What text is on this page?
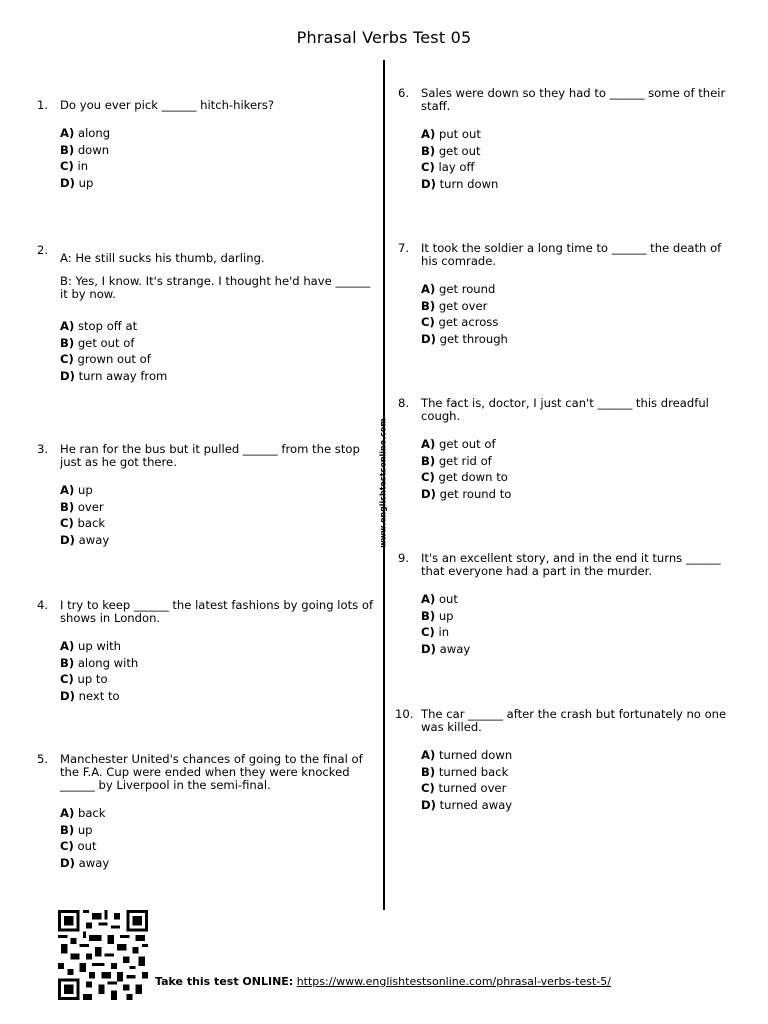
Phrasal Verbs Test 05
www.englishtestsonline.com
1. Do you ever pick ______ hitch-hikers?

A) along
B) down
C) in
D) up
2.

A: He still sucks his thumb, darling.

B: Yes, I know. It's strange. I thought he'd have ______ it by now.

A) stop off at
B) get out of
C) grown out of
D) turn away from
3. He ran for the bus but it pulled ______ from the stop just as he got there.

A) up
B) over
C) back
D) away
4. I try to keep ______ the latest fashions by going lots of shows in London.

A) up with
B) along with
C) up to
D) next to
5. Manchester United's chances of going to the final of the F.A. Cup were ended when they were knocked ______ by Liverpool in the semi-final.

A) back
B) up
C) out
D) away
6. Sales were down so they had to ______ some of their staff.

A) put out
B) get out
C) lay off
D) turn down
7. It took the soldier a long time to ______ the death of his comrade.

A) get round
B) get over
C) get across
D) get through
8. The fact is, doctor, I just can't ______ this dreadful cough.

A) get out of
B) get rid of
C) get down to
D) get round to
9. It's an excellent story, and in the end it turns ______ that everyone had a part in the murder.

A) out
B) up
C) in
D) away
10. The car ______ after the crash but fortunately no one was killed.

A) turned down
B) turned back
C) turned over
D) turned away
Take this test ONLINE: https://www.englishtestsonline.com/phrasal-verbs-test-5/
